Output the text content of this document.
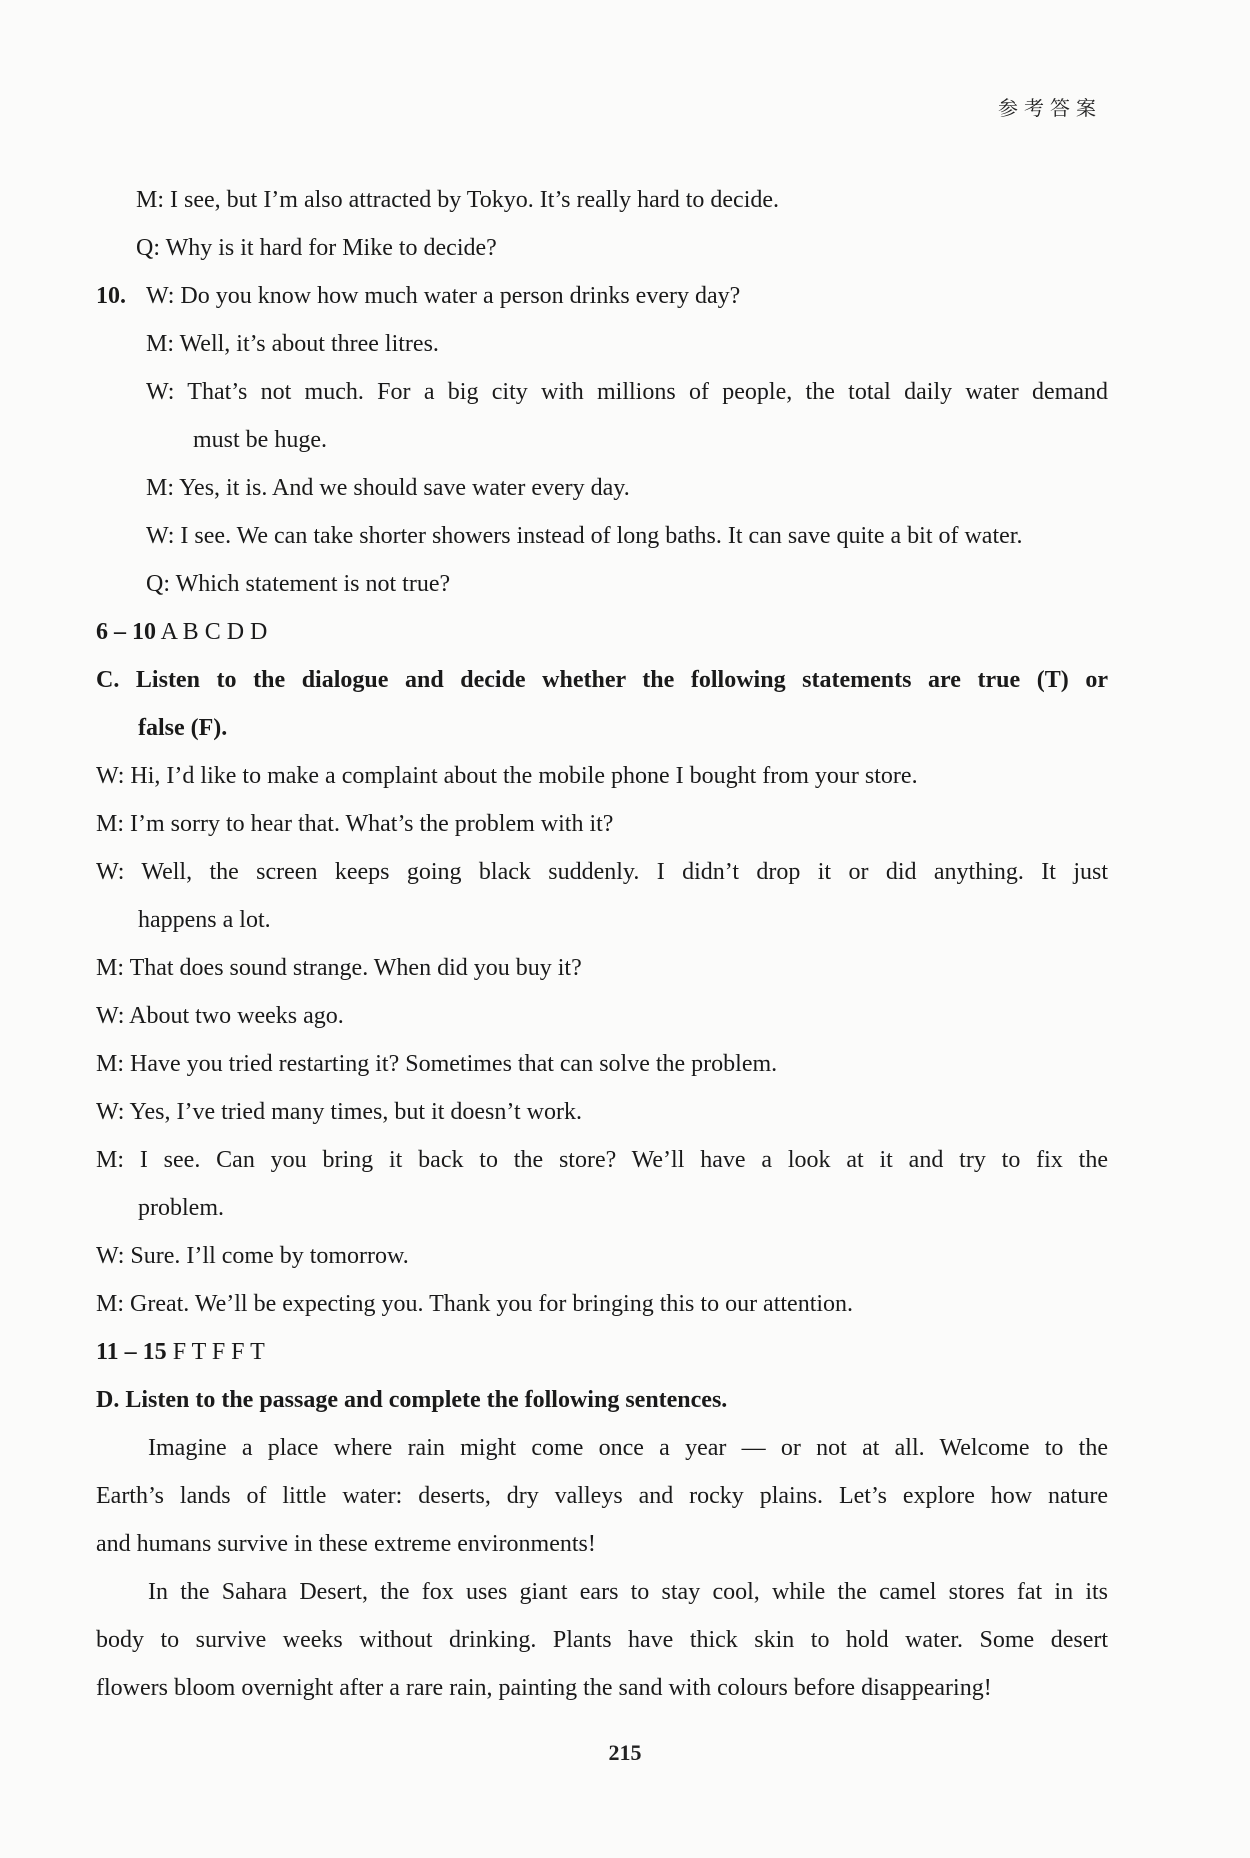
参考答案
M: I see, but I’m also attracted by Tokyo. It’s really hard to decide.
Q: Why is it hard for Mike to decide?
10. W: Do you know how much water a person drinks every day?
M: Well, it’s about three litres.
W: That’s not much. For a big city with millions of people, the total daily water demand
must be huge.
M: Yes, it is. And we should save water every day.
W: I see. We can take shorter showers instead of long baths. It can save quite a bit of water.
Q: Which statement is not true?
6 – 10 A B C D D
C. Listen to the dialogue and decide whether the following statements are true (T) or
false (F).
W: Hi, I’d like to make a complaint about the mobile phone I bought from your store.
M: I’m sorry to hear that. What’s the problem with it?
W: Well, the screen keeps going black suddenly. I didn’t drop it or did anything. It just
happens a lot.
M: That does sound strange. When did you buy it?
W: About two weeks ago.
M: Have you tried restarting it? Sometimes that can solve the problem.
W: Yes, I’ve tried many times, but it doesn’t work.
M: I see. Can you bring it back to the store? We’ll have a look at it and try to fix the
problem.
W: Sure. I’ll come by tomorrow.
M: Great. We’ll be expecting you. Thank you for bringing this to our attention.
11 – 15 F T F F T
D. Listen to the passage and complete the following sentences.
Imagine a place where rain might come once a year — or not at all. Welcome to the
Earth’s lands of little water: deserts, dry valleys and rocky plains. Let’s explore how nature
and humans survive in these extreme environments!
In the Sahara Desert, the fox uses giant ears to stay cool, while the camel stores fat in its
body to survive weeks without drinking. Plants have thick skin to hold water. Some desert
flowers bloom overnight after a rare rain, painting the sand with colours before disappearing!
215
